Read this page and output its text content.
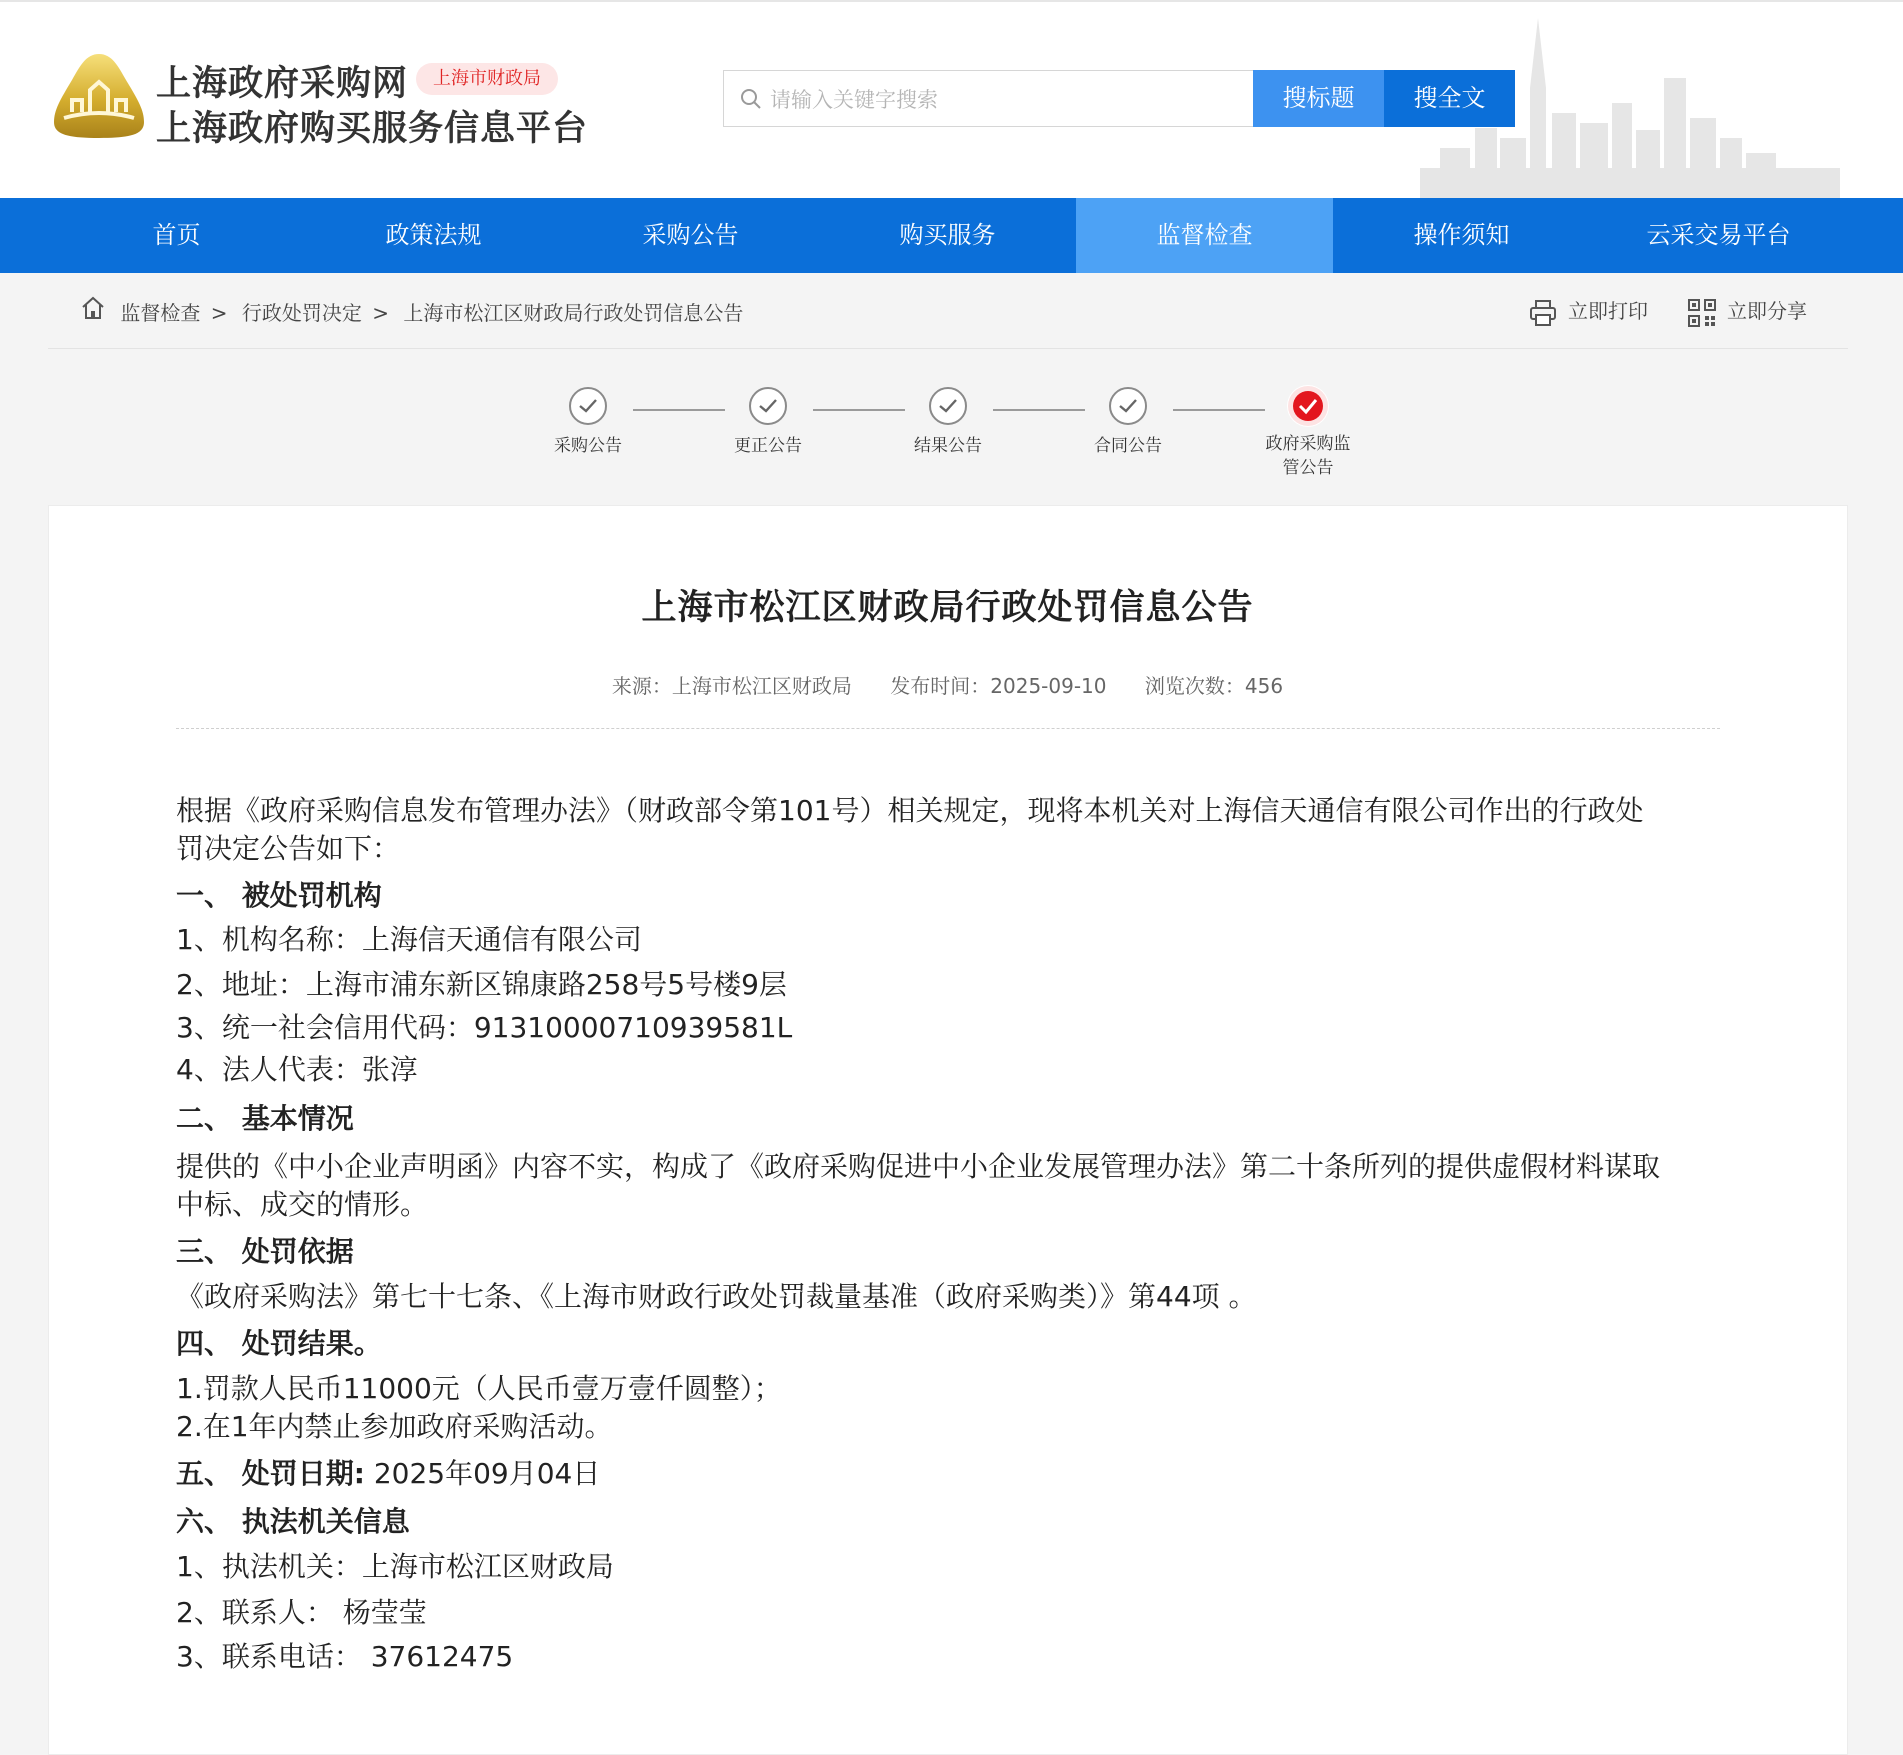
上海政府采购网	上海市财政局
上海政府购买服务信息平台
请输入关键字搜索
搜标题	搜全文
首页	政策法规	采购公告	购买服务	监督检查	操作须知	云采交易平台
监督检查 > 行政处罚决定 > 上海市松江区财政局行政处罚信息公告	立即打印	立即分享
采购公告	更正公告	结果公告	合同公告	政府采购监
管公告
上海市松江区财政局行政处罚信息公告
来源：上海市松江区财政局 发布时间：2025-09-10 浏览次数：456
根据《政府采购信息发布管理办法》（财政部令第101号）相关规定，现将本机关对上海信天通信有限公司作出的行政处
罚决定公告如下：
一、 被处罚机构
1、机构名称：上海信天通信有限公司
2、地址：上海市浦东新区锦康路258号5号楼9层
3、统一社会信用代码：91310000710939581L
4、法人代表：张淳
二、 基本情况
提供的《中小企业声明函》内容不实，构成了《政府采购促进中小企业发展管理办法》第二十条所列的提供虚假材料谋取
中标、成交的情形。
三、 处罚依据
《政府采购法》第七十七条、《上海市财政行政处罚裁量基准（政府采购类）》第44项 。
四、 处罚结果。
1.罚款人民币11000元（人民币壹万壹仟圆整）；
2.在1年内禁止参加政府采购活动。
五、 处罚日期: 2025年09月04日
六、 执法机关信息
1、执法机关：上海市松江区财政局
2、联系人： 杨莹莹
3、联系电话： 37612475
